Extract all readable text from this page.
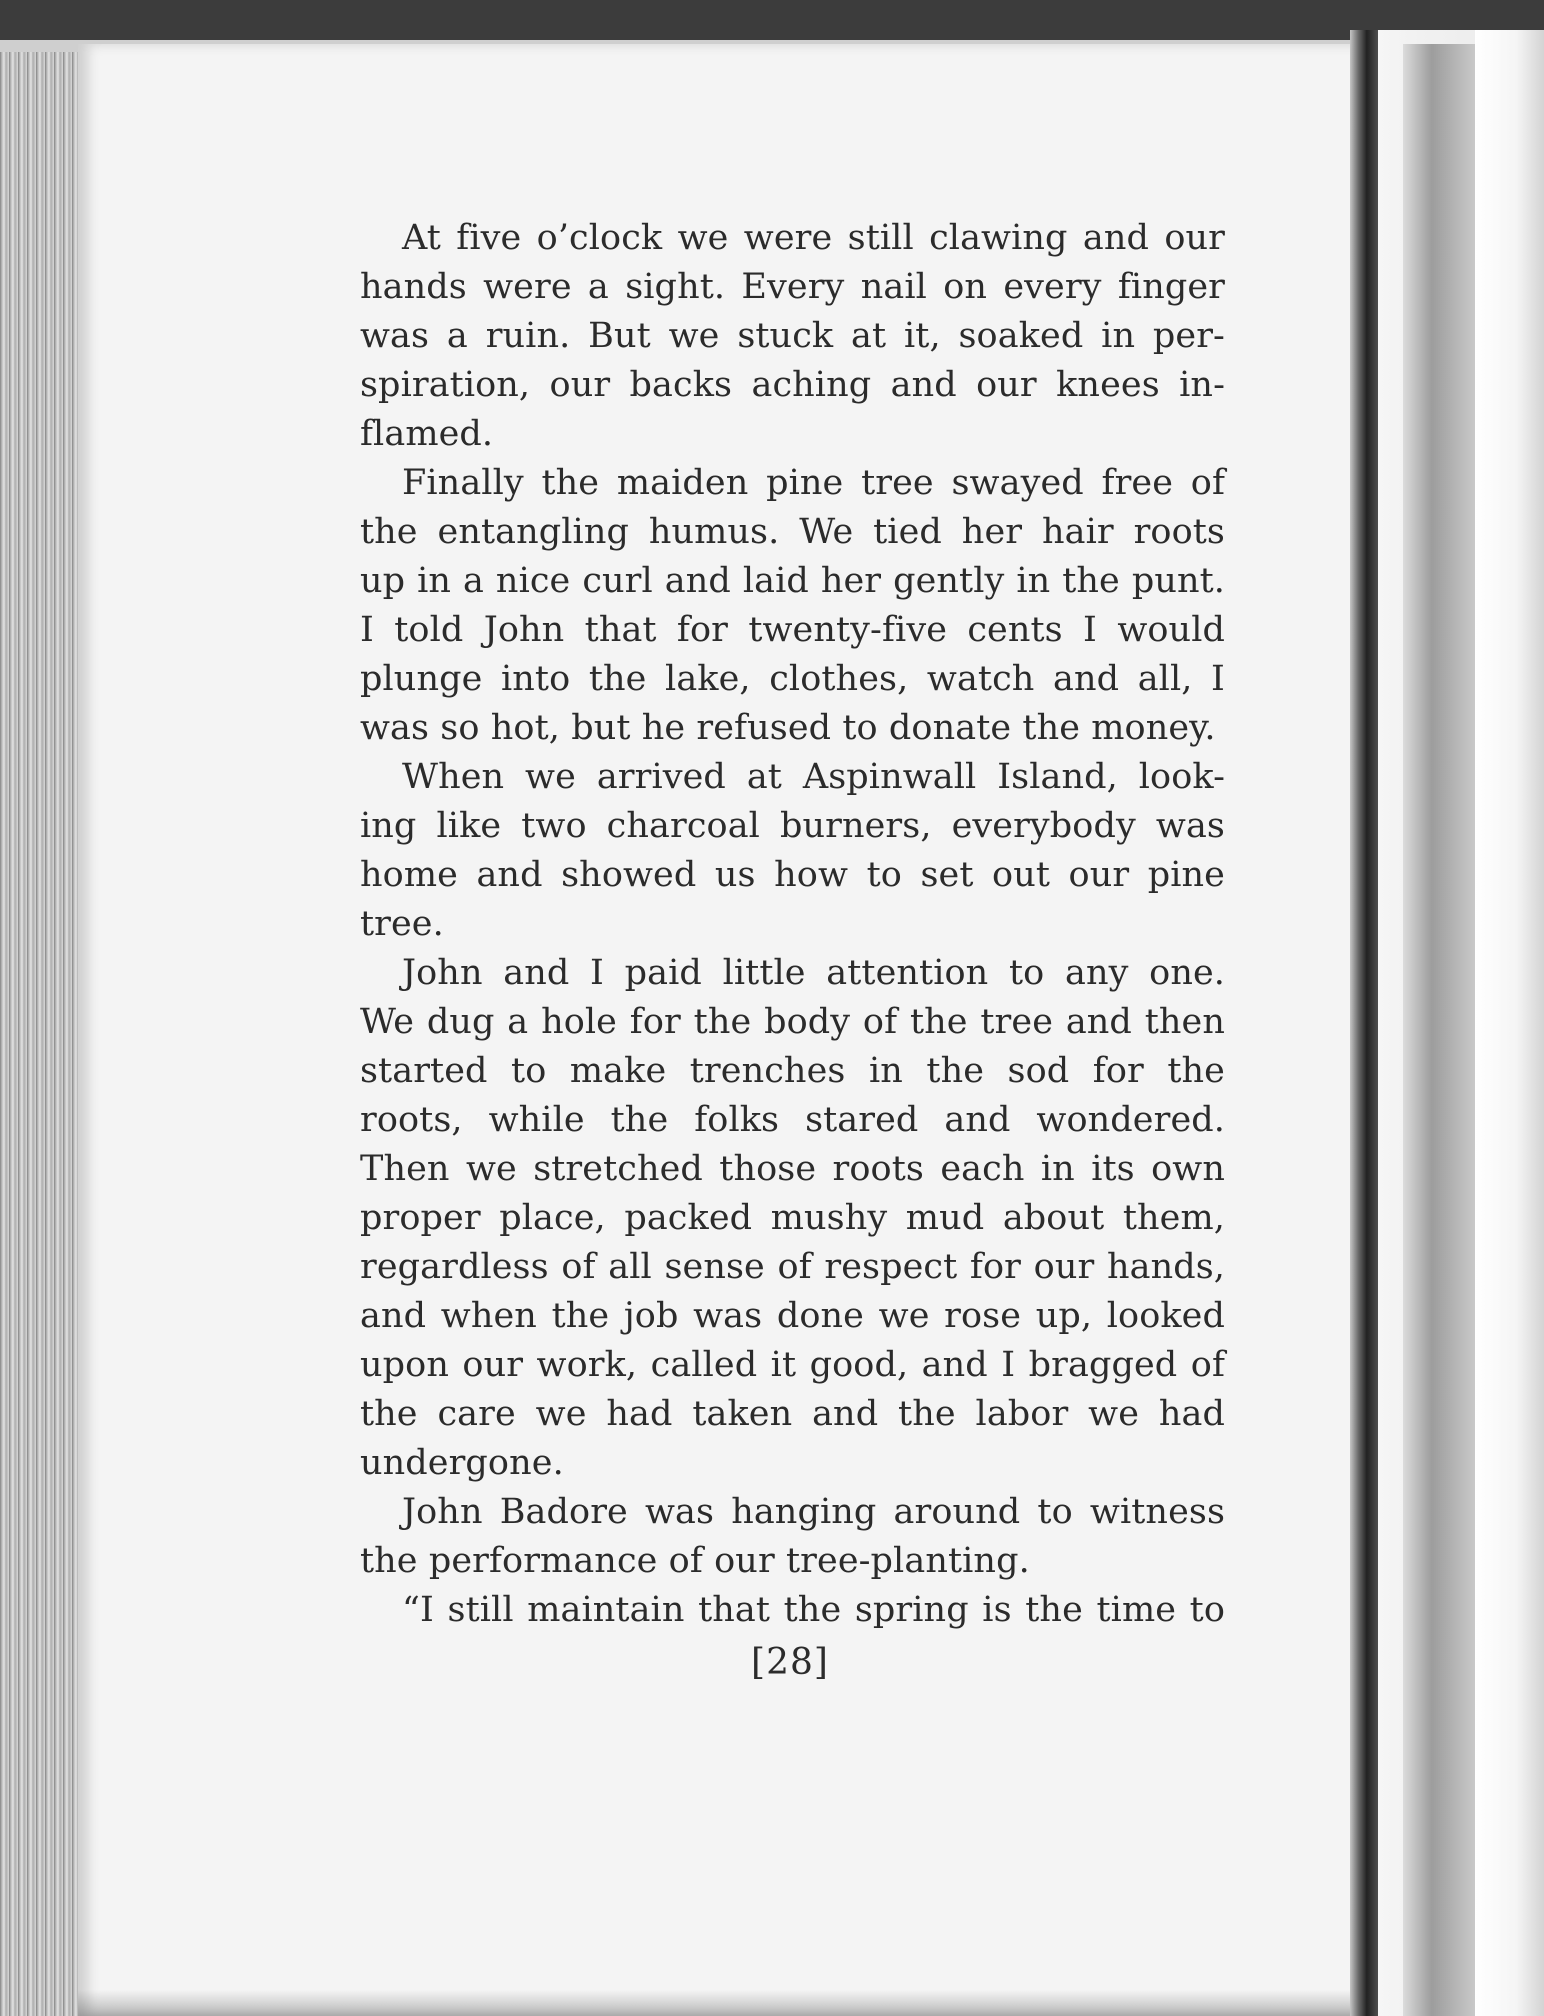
At five o’clock we were still clawing and our
hands were a sight. Every nail on every finger
was a ruin. But we stuck at it, soaked in per-
spiration, our backs aching and our knees in-
flamed.

Finally the maiden pine tree swayed free of
the entangling humus. We tied her hair roots
up in a nice curl and laid her gently in the punt.
I told John that for twenty-five cents I would
plunge into the lake, clothes, watch and all, I
was so hot, but he refused to donate the money.

When we arrived at Aspinwall Island, look-
ing like two charcoal burners, everybody was
home and showed us how to set out our pine
tree.

John and I paid little attention to any one.
We dug a hole for the body of the tree and then
started to make trenches in the sod for the
roots, while the folks stared and wondered.
Then we stretched those roots each in its own
proper place, packed mushy mud about them,
regardless of all sense of respect for our hands,
and when the job was done we rose up, looked
upon our work, called it good, and I bragged of
the care we had taken and the labor we had
undergone.

John Badore was hanging around to witness
the performance of our tree-planting.

“I still maintain that the spring is the time to

[28]
